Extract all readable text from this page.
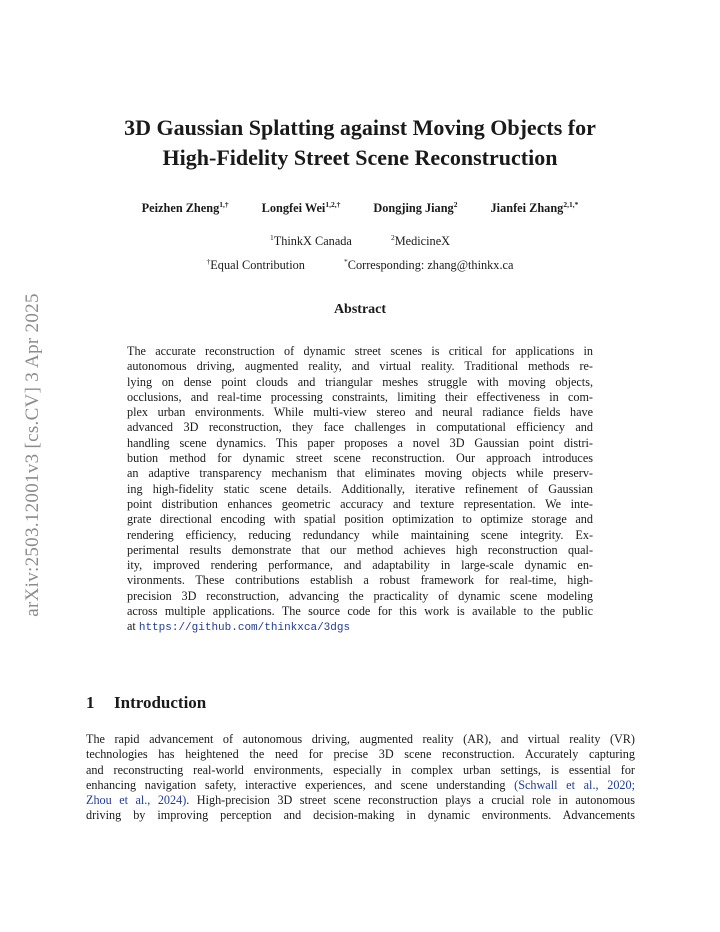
arXiv:2503.12001v3 [cs.CV] 3 Apr 2025
3D Gaussian Splatting against Moving Objects for
High-Fidelity Street Scene Reconstruction
Peizhen Zheng$^{1,\dagger}$	Longfei Wei$^{1,2,\dagger}$	Dongjing Jiang$^2$	Jianfei Zhang$^{2,1,*}$
$^1$ThinkX Canada	$^2$MedicineX
†Equal Contribution	*Corresponding: zhang@thinkx.ca
Abstract
The accurate reconstruction of dynamic street scenes is critical for applications in
autonomous driving, augmented reality, and virtual reality. Traditional methods re-
lying on dense point clouds and triangular meshes struggle with moving objects,
occlusions, and real-time processing constraints, limiting their effectiveness in com-
plex urban environments. While multi-view stereo and neural radiance fields have
advanced 3D reconstruction, they face challenges in computational efficiency and
handling scene dynamics. This paper proposes a novel 3D Gaussian point distri-
bution method for dynamic street scene reconstruction. Our approach introduces
an adaptive transparency mechanism that eliminates moving objects while preserv-
ing high-fidelity static scene details. Additionally, iterative refinement of Gaussian
point distribution enhances geometric accuracy and texture representation. We inte-
grate directional encoding with spatial position optimization to optimize storage and
rendering efficiency, reducing redundancy while maintaining scene integrity. Ex-
perimental results demonstrate that our method achieves high reconstruction qual-
ity, improved rendering performance, and adaptability in large-scale dynamic en-
vironments. These contributions establish a robust framework for real-time, high-
precision 3D reconstruction, advancing the practicality of dynamic scene modeling
across multiple applications. The source code for this work is available to the public
at https://github.com/thinkxca/3dgs
1 Introduction
The rapid advancement of autonomous driving, augmented reality (AR), and virtual reality (VR)
technologies has heightened the need for precise 3D scene reconstruction. Accurately capturing
and reconstructing real-world environments, especially in complex urban settings, is essential for
enhancing navigation safety, interactive experiences, and scene understanding (Schwall et al., 2020;
Zhou et al., 2024). High-precision 3D street scene reconstruction plays a crucial role in autonomous
driving by improving perception and decision-making in dynamic environments. Advancements
